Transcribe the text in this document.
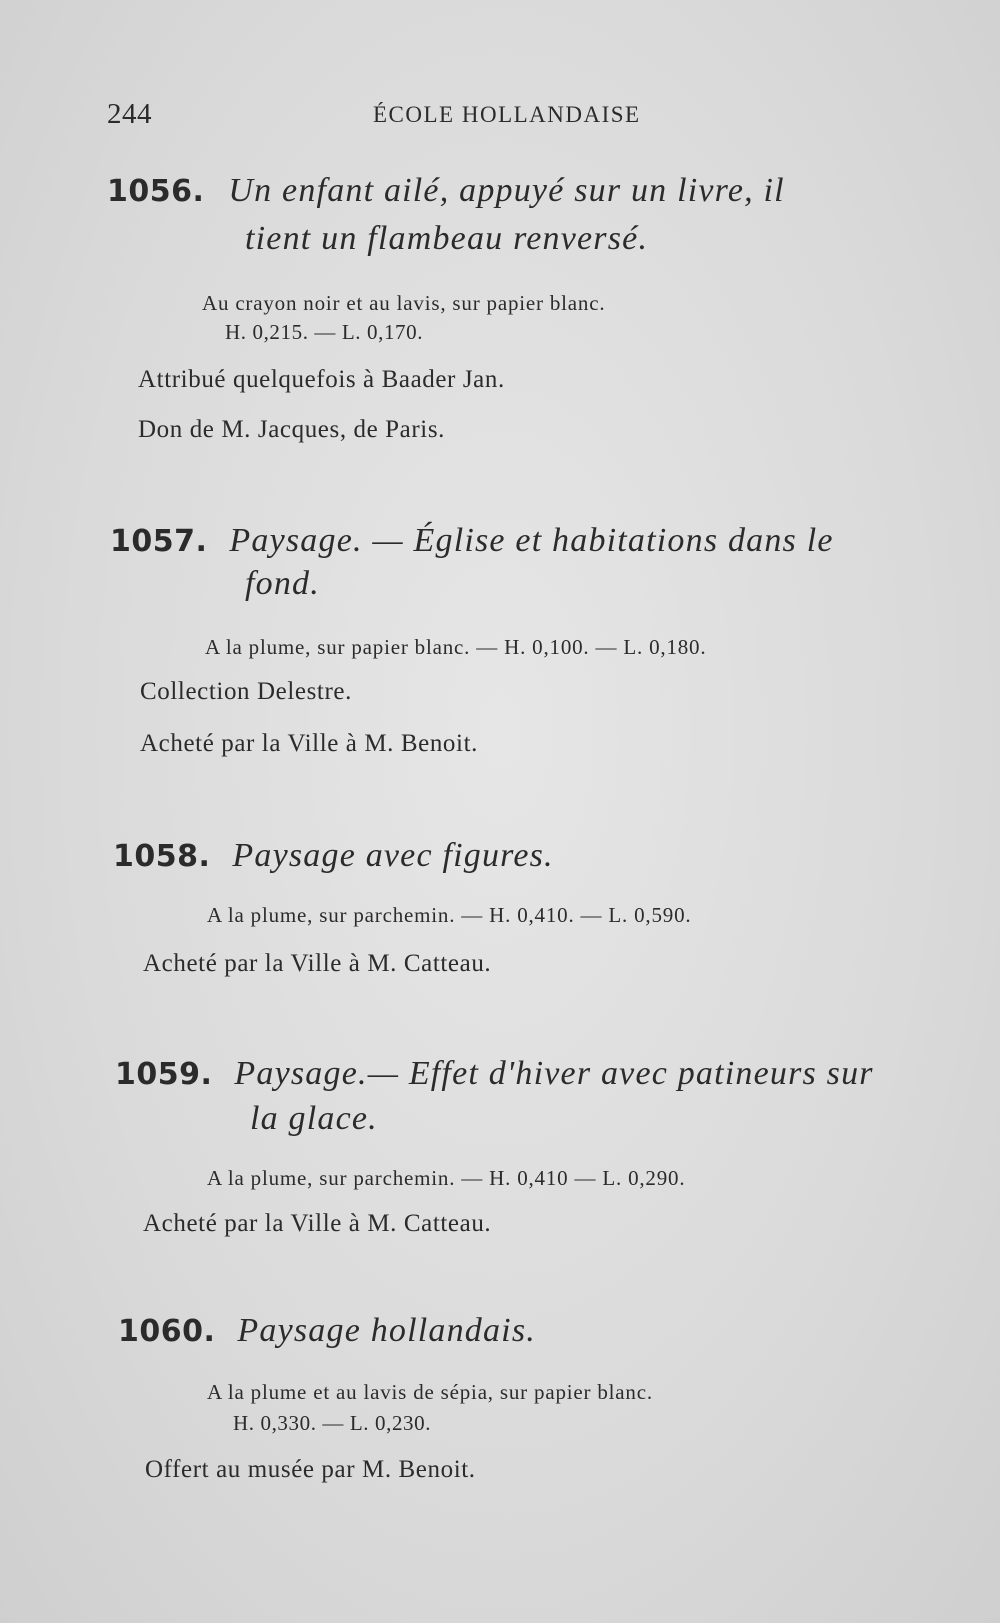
244	ÉCOLE HOLLANDAISE
1056. Un enfant ailé, appuyé sur un livre, il
tient un flambeau renversé.
Au crayon noir et au lavis, sur papier blanc.
H. 0,215. — L. 0,170.
Attribué quelquefois à Baader Jan.
Don de M. Jacques, de Paris.
1057. Paysage. — Église et habitations dans le
fond.
A la plume, sur papier blanc. — H. 0,100. — L. 0,180.
Collection Delestre.
Acheté par la Ville à M. Benoit.
1058. Paysage avec figures.
A la plume, sur parchemin. — H. 0,410. — L. 0,590.
Acheté par la Ville à M. Catteau.
1059. Paysage.— Effet d'hiver avec patineurs sur
la glace.
A la plume, sur parchemin. — H. 0,410 — L. 0,290.
Acheté par la Ville à M. Catteau.
1060. Paysage hollandais.
A la plume et au lavis de sépia, sur papier blanc.
H. 0,330. — L. 0,230.
Offert au musée par M. Benoit.
